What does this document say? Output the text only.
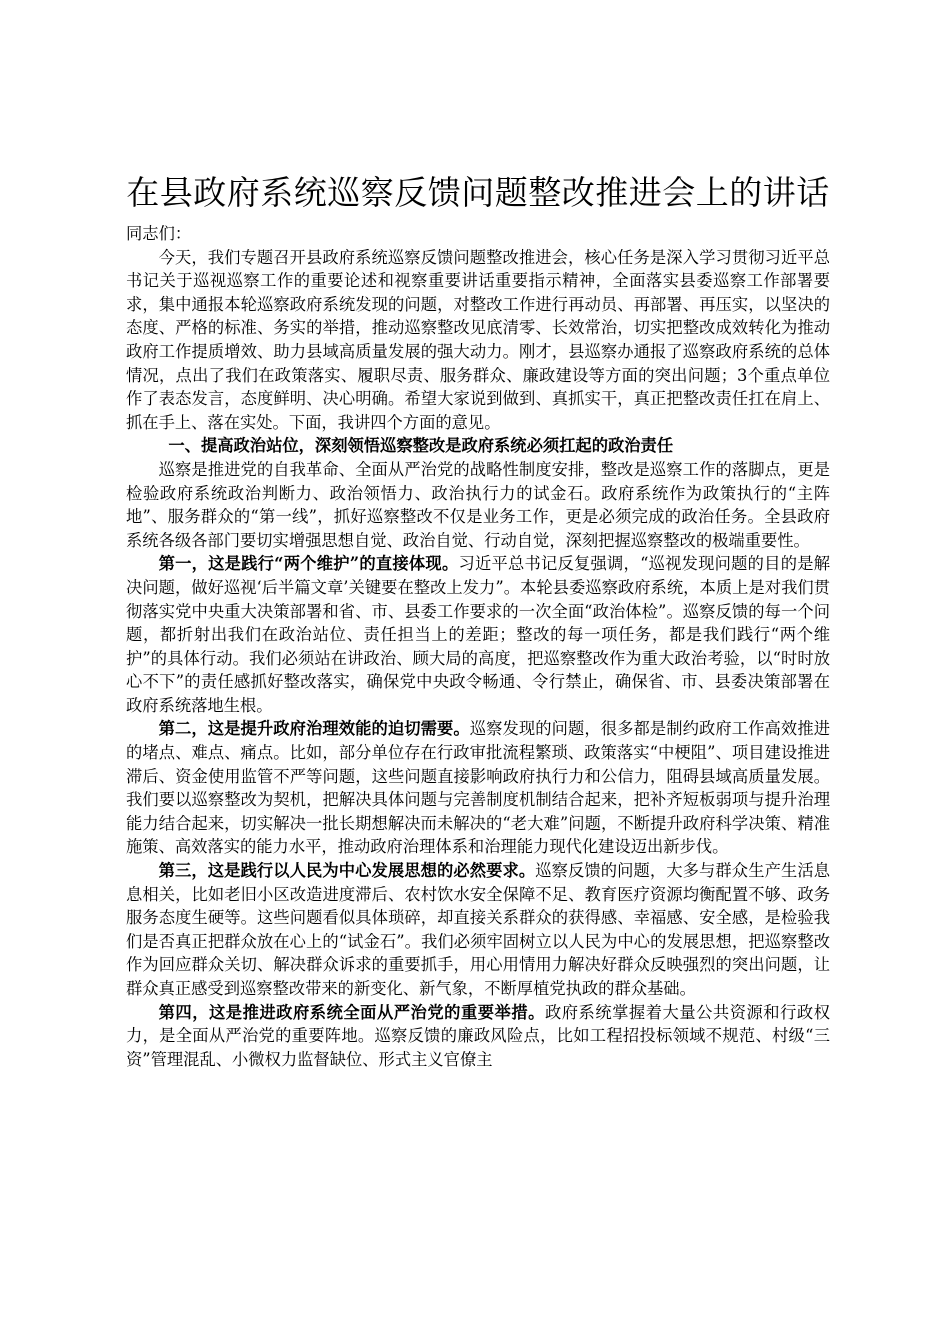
在县政府系统巡察反馈问题整改推进会上的讲话

同志们：

今天，我们专题召开县政府系统巡察反馈问题整改推进会，核心任务是深入学习贯彻习近平总书记关于巡视巡察工作的重要论述和视察重要讲话重要指示精神，全面落实县委巡察工作部署要求，集中通报本轮巡察政府系统发现的问题，对整改工作进行再动员、再部署、再压实，以坚决的态度、严格的标准、务实的举措，推动巡察整改见底清零、长效常治，切实把整改成效转化为推动政府工作提质增效、助力县域高质量发展的强大动力。刚才，县巡察办通报了巡察政府系统的总体情况，点出了我们在政策落实、履职尽责、服务群众、廉政建设等方面的突出问题；3个重点单位作了表态发言，态度鲜明、决心明确。希望大家说到做到、真抓实干，真正把整改责任扛在肩上、抓在手上、落在实处。下面，我讲四个方面的意见。

一、提高政治站位，深刻领悟巡察整改是政府系统必须扛起的政治责任

巡察是推进党的自我革命、全面从严治党的战略性制度安排，整改是巡察工作的落脚点，更是检验政府系统政治判断力、政治领悟力、政治执行力的试金石。政府系统作为政策执行的“主阵地”、服务群众的“第一线”，抓好巡察整改不仅是业务工作，更是必须完成的政治任务。全县政府系统各级各部门要切实增强思想自觉、政治自觉、行动自觉，深刻把握巡察整改的极端重要性。

第一，这是践行“两个维护”的直接体现。习近平总书记反复强调，“巡视发现问题的目的是解决问题，做好巡视‘后半篇文章’关键要在整改上发力”。本轮县委巡察政府系统，本质上是对我们贯彻落实党中央重大决策部署和省、市、县委工作要求的一次全面“政治体检”。巡察反馈的每一个问题，都折射出我们在政治站位、责任担当上的差距；整改的每一项任务，都是我们践行“两个维护”的具体行动。我们必须站在讲政治、顾大局的高度，把巡察整改作为重大政治考验，以“时时放心不下”的责任感抓好整改落实，确保党中央政令畅通、令行禁止，确保省、市、县委决策部署在政府系统落地生根。

第二，这是提升政府治理效能的迫切需要。巡察发现的问题，很多都是制约政府工作高效推进的堵点、难点、痛点。比如，部分单位存在行政审批流程繁琐、政策落实“中梗阻”、项目建设推进滞后、资金使用监管不严等问题，这些问题直接影响政府执行力和公信力，阻碍县域高质量发展。我们要以巡察整改为契机，把解决具体问题与完善制度机制结合起来，把补齐短板弱项与提升治理能力结合起来，切实解决一批长期想解决而未解决的“老大难”问题，不断提升政府科学决策、精准施策、高效落实的能力水平，推动政府治理体系和治理能力现代化建设迈出新步伐。

第三，这是践行以人民为中心发展思想的必然要求。巡察反馈的问题，大多与群众生产生活息息相关，比如老旧小区改造进度滞后、农村饮水安全保障不足、教育医疗资源均衡配置不够、政务服务态度生硬等。这些问题看似具体琐碎，却直接关系群众的获得感、幸福感、安全感，是检验我们是否真正把群众放在心上的“试金石”。我们必须牢固树立以人民为中心的发展思想，把巡察整改作为回应群众关切、解决群众诉求的重要抓手，用心用情用力解决好群众反映强烈的突出问题，让群众真正感受到巡察整改带来的新变化、新气象，不断厚植党执政的群众基础。

第四，这是推进政府系统全面从严治党的重要举措。政府系统掌握着大量公共资源和行政权力，是全面从严治党的重要阵地。巡察反馈的廉政风险点，比如工程招投标领域不规范、村级“三资”管理混乱、小微权力监督缺位、形式主义官僚主
